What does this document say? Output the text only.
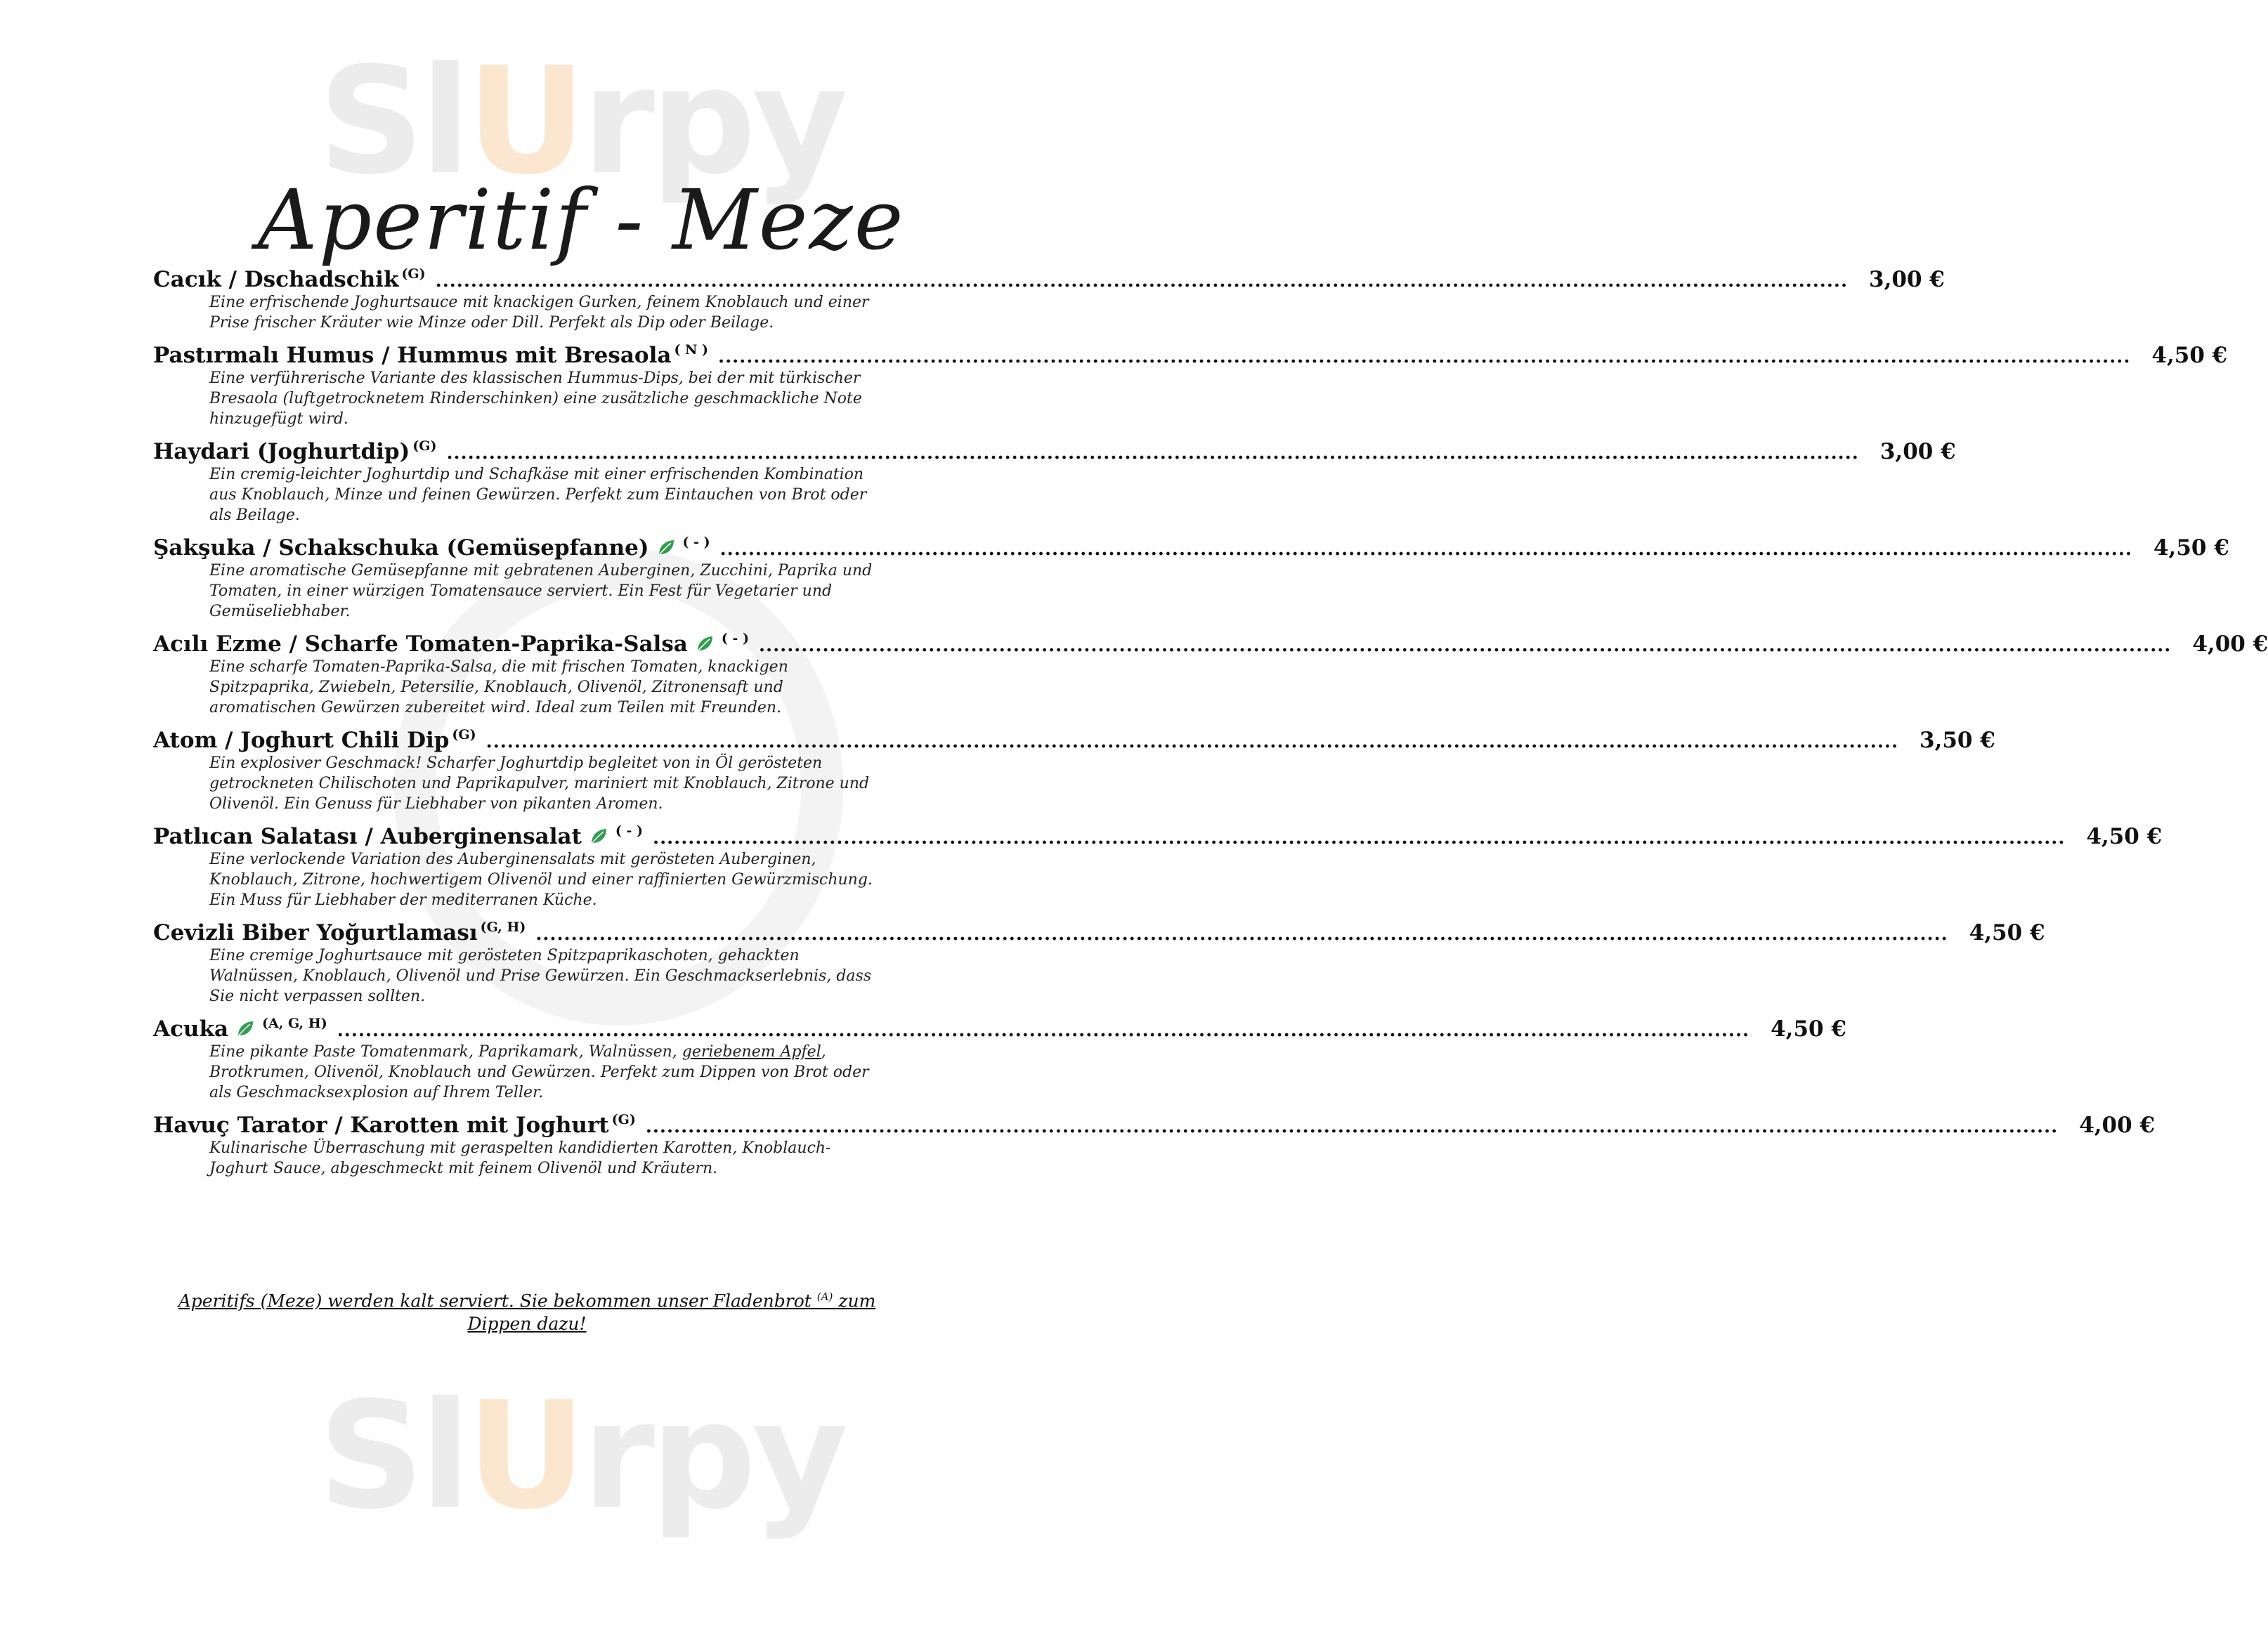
SlUrpy
SlUrpy
Aperitif - Meze
Cacık / Dschadschik (G) ........................................................................................................................................................................................................ 3,00 €
Eine erfrischende Joghurtsauce mit knackigen Gurken, feinem Knoblauch und einer Prise frischer Kräuter wie Minze oder Dill. Perfekt als Dip oder Beilage.
Pastırmalı Humus / Hummus mit Bresaola ( N ) ........................................................................................................................................................................................................ 4,50 €
Eine verführerische Variante des klassischen Hummus-Dips, bei der mit türkischer Bresaola (luftgetrocknetem Rinderschinken) eine zusätzliche geschmackliche Note hinzugefügt wird.
Haydari (Joghurtdip) (G) ........................................................................................................................................................................................................ 3,00 €
Ein cremig-leichter Joghurtdip und Schafkäse mit einer erfrischenden Kombination aus Knoblauch, Minze und feinen Gewürzen. Perfekt zum Eintauchen von Brot oder als Beilage.
Şakşuka / Schakschuka (Gemüsepfanne)	( - ) ........................................................................................................................................................................................................ 4,50 €
Eine aromatische Gemüsepfanne mit gebratenen Auberginen, Zucchini, Paprika und Tomaten, in einer würzigen Tomatensauce serviert. Ein Fest für Vegetarier und Gemüseliebhaber.
Acılı Ezme / Scharfe Tomaten-Paprika-Salsa	( - ) ........................................................................................................................................................................................................ 4,00 €
Eine scharfe Tomaten-Paprika-Salsa, die mit frischen Tomaten, knackigen Spitzpaprika, Zwiebeln, Petersilie, Knoblauch, Olivenöl, Zitronensaft und aromatischen Gewürzen zubereitet wird. Ideal zum Teilen mit Freunden.
Atom / Joghurt Chili Dip (G) ........................................................................................................................................................................................................ 3,50 €
Ein explosiver Geschmack! Scharfer Joghurtdip begleitet von in Öl gerösteten getrockneten Chilischoten und Paprikapulver, mariniert mit Knoblauch, Zitrone und Olivenöl. Ein Genuss für Liebhaber von pikanten Aromen.
Patlıcan Salatası / Auberginensalat	( - ) ........................................................................................................................................................................................................ 4,50 €
Eine verlockende Variation des Auberginensalats mit gerösteten Auberginen, Knoblauch, Zitrone, hochwertigem Olivenöl und einer raffinierten Gewürzmischung. Ein Muss für Liebhaber der mediterranen Küche.
Cevizli Biber Yoğurtlaması (G, H) ........................................................................................................................................................................................................ 4,50 €
Eine cremige Joghurtsauce mit gerösteten Spitzpaprikaschoten, gehackten Walnüssen, Knoblauch, Olivenöl und Prise Gewürzen. Ein Geschmackserlebnis, dass Sie nicht verpassen sollten.
Acuka	(A, G, H) ........................................................................................................................................................................................................ 4,50 €
Eine pikante Paste Tomatenmark, Paprikamark, Walnüssen, geriebenem Apfel, Brotkrumen, Olivenöl, Knoblauch und Gewürzen. Perfekt zum Dippen von Brot oder als Geschmacksexplosion auf Ihrem Teller.
Havuç Tarator / Karotten mit Joghurt (G) ........................................................................................................................................................................................................ 4,00 €
Kulinarische Überraschung mit geraspelten kandidierten Karotten, Knoblauch-Joghurt Sauce, abgeschmeckt mit feinem Olivenöl und Kräutern.
Aperitifs (Meze) werden kalt serviert. Sie bekommen unser Fladenbrot $^{(A)}$ zum Dippen dazu!
